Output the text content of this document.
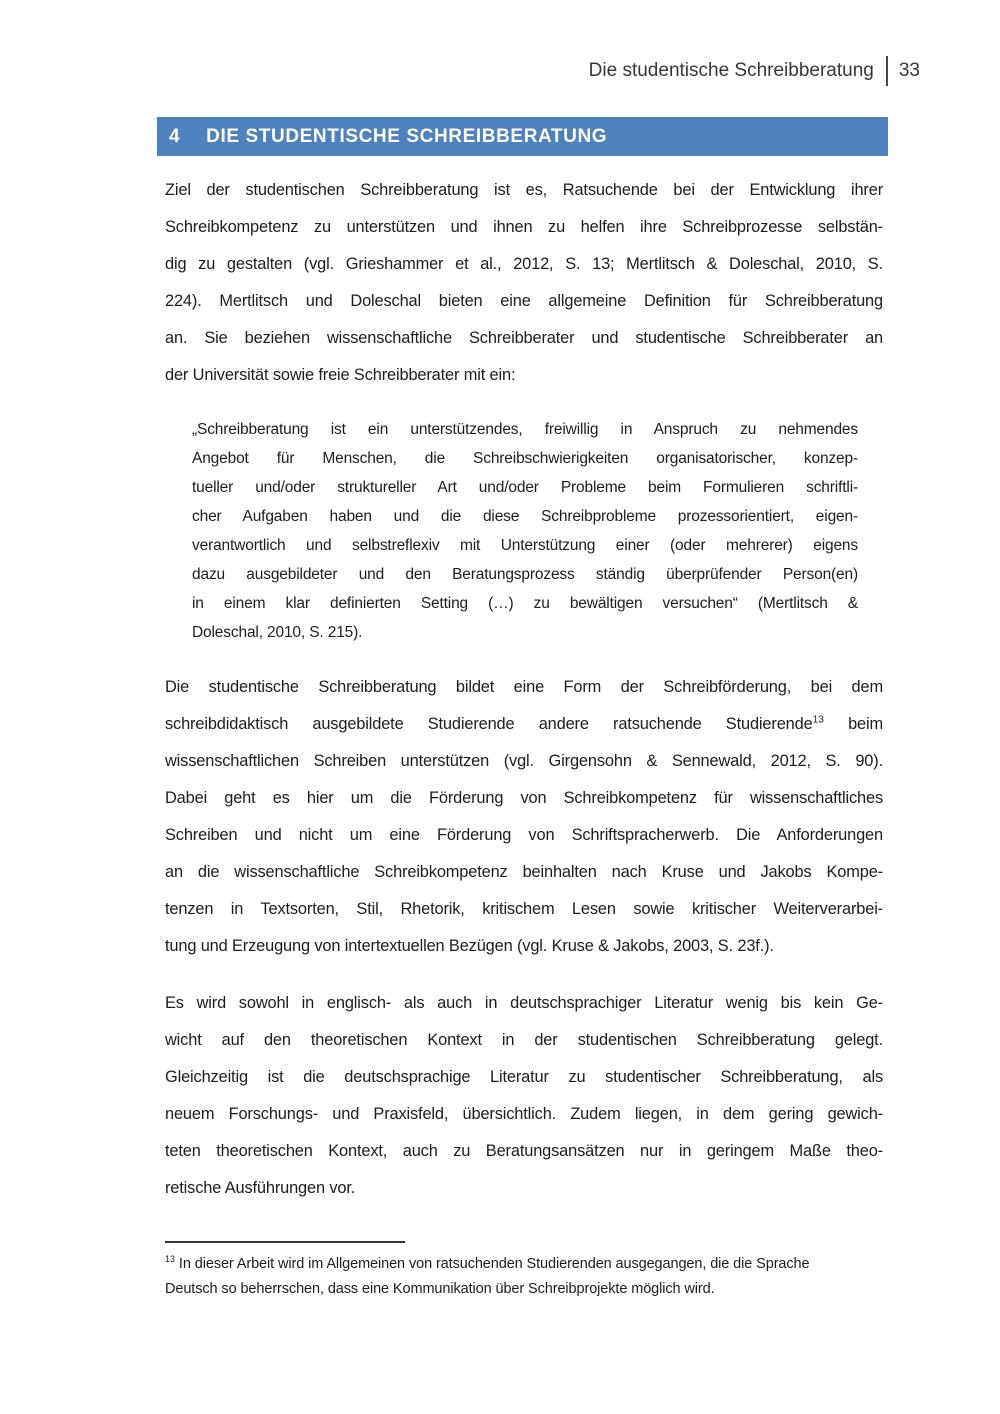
Die studentische Schreibberatung 33
4 DIE STUDENTISCHE SCHREIBBERATUNG
Ziel der studentischen Schreibberatung ist es, Ratsuchende bei der Entwicklung ihrer
Schreibkompetenz zu unterstützen und ihnen zu helfen ihre Schreibprozesse selbstän-
dig zu gestalten (vgl. Grieshammer et al., 2012, S. 13; Mertlitsch & Doleschal, 2010, S.
224). Mertlitsch und Doleschal bieten eine allgemeine Definition für Schreibberatung
an. Sie beziehen wissenschaftliche Schreibberater und studentische Schreibberater an
der Universität sowie freie Schreibberater mit ein:
„Schreibberatung ist ein unterstützendes, freiwillig in Anspruch zu nehmendes
Angebot für Menschen, die Schreibschwierigkeiten organisatorischer, konzep-
tueller und/oder struktureller Art und/oder Probleme beim Formulieren schriftli-
cher Aufgaben haben und die diese Schreibprobleme prozessorientiert, eigen-
verantwortlich und selbstreflexiv mit Unterstützung einer (oder mehrerer) eigens
dazu ausgebildeter und den Beratungsprozess ständig überprüfender Person(en)
in einem klar definierten Setting (…) zu bewältigen versuchen“ (Mertlitsch &
Doleschal, 2010, S. 215).
Die studentische Schreibberatung bildet eine Form der Schreibförderung, bei dem
schreibdidaktisch ausgebildete Studierende andere ratsuchende Studierende$^{13}$ beim
wissenschaftlichen Schreiben unterstützen (vgl. Girgensohn & Sennewald, 2012, S. 90).
Dabei geht es hier um die Förderung von Schreibkompetenz für wissenschaftliches
Schreiben und nicht um eine Förderung von Schriftspracherwerb. Die Anforderungen
an die wissenschaftliche Schreibkompetenz beinhalten nach Kruse und Jakobs Kompe-
tenzen in Textsorten, Stil, Rhetorik, kritischem Lesen sowie kritischer Weiterverarbei-
tung und Erzeugung von intertextuellen Bezügen (vgl. Kruse & Jakobs, 2003, S. 23f.).
Es wird sowohl in englisch- als auch in deutschsprachiger Literatur wenig bis kein Ge-
wicht auf den theoretischen Kontext in der studentischen Schreibberatung gelegt.
Gleichzeitig ist die deutschsprachige Literatur zu studentischer Schreibberatung, als
neuem Forschungs- und Praxisfeld, übersichtlich. Zudem liegen, in dem gering gewich-
teten theoretischen Kontext, auch zu Beratungsansätzen nur in geringem Maße theo-
retische Ausführungen vor.
$^{13}$ In dieser Arbeit wird im Allgemeinen von ratsuchenden Studierenden ausgegangen, die die Sprache
Deutsch so beherrschen, dass eine Kommunikation über Schreibprojekte möglich wird.
